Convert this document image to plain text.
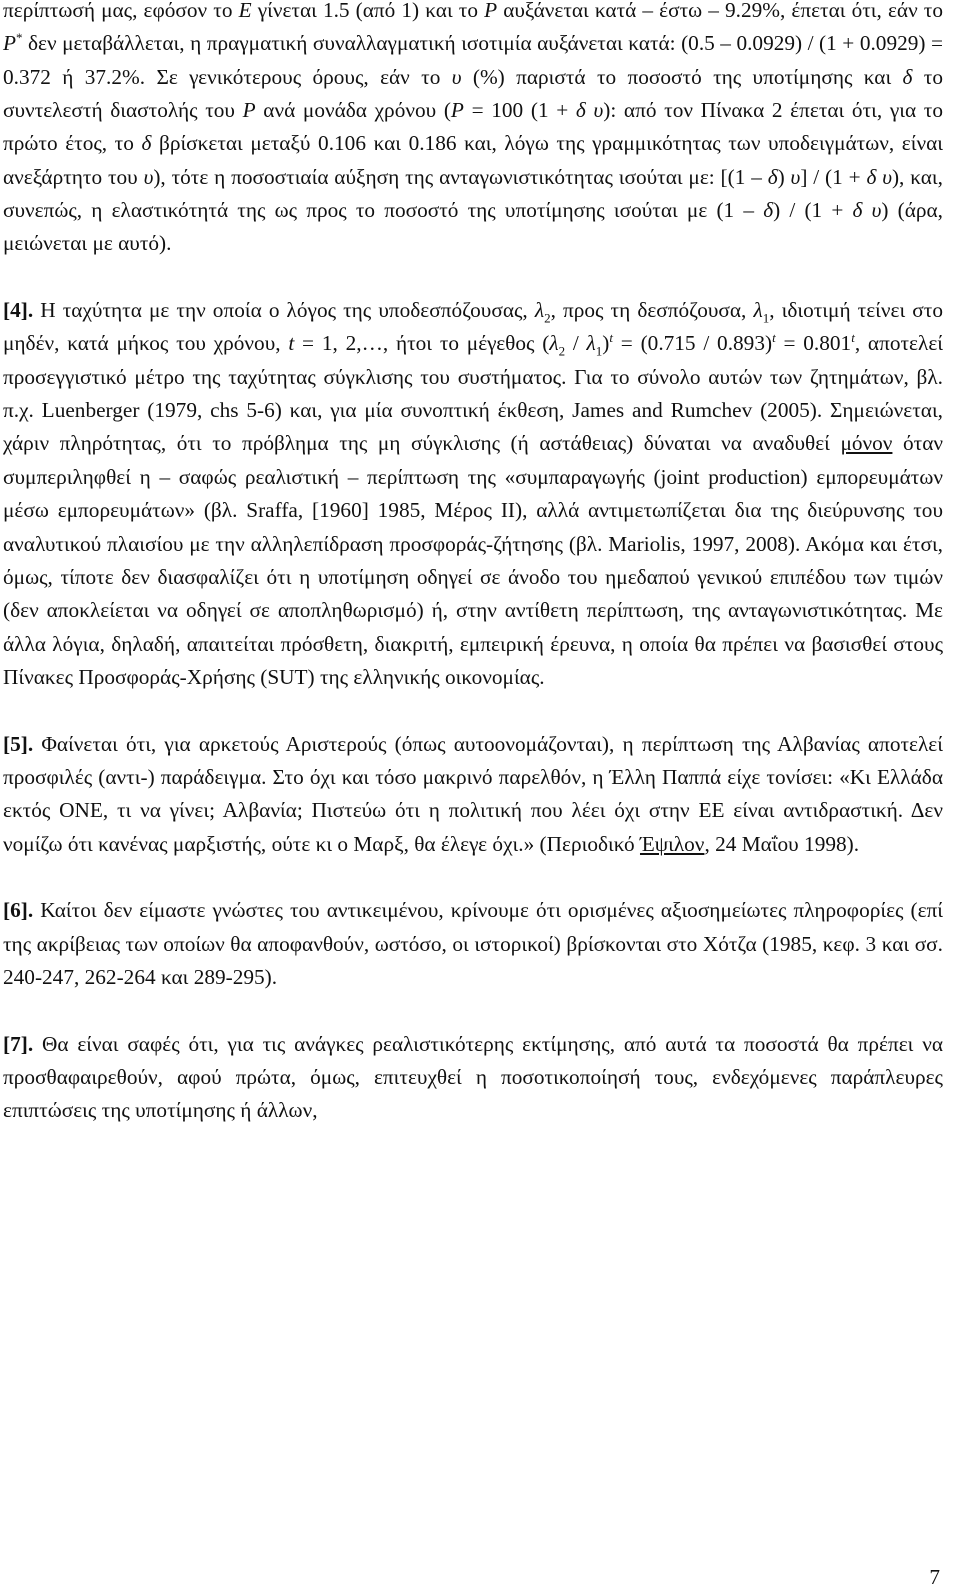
περίπτωσή μας, εφόσον το E γίνεται 1.5 (από 1) και το P αυξάνεται κατά – έστω – 9.29%, έπεται ότι, εάν το P* δεν μεταβάλλεται, η πραγματική συναλλαγματική ισοτιμία αυξάνεται κατά: (0.5 – 0.0929) / (1 + 0.0929) = 0.372 ή 37.2%. Σε γενικότερους όρους, εάν το υ (%) παριστά το ποσοστό της υποτίμησης και δ το συντελεστή διαστολής του P ανά μονάδα χρόνου (P = 100 (1 + δ υ): από τον Πίνακα 2 έπεται ότι, για το πρώτο έτος, το δ βρίσκεται μεταξύ 0.106 και 0.186 και, λόγω της γραμμικότητας των υποδειγμάτων, είναι ανεξάρτητο του υ), τότε η ποσοστιαία αύξηση της ανταγωνιστικότητας ισούται με: [(1 – δ) υ] / (1 + δ υ), και, συνεπώς, η ελαστικότητά της ως προς το ποσοστό της υποτίμησης ισούται με (1 – δ) / (1 + δ υ) (άρα, μειώνεται με αυτό).

[4]. Η ταχύτητα με την οποία ο λόγος της υποδεσπόζουσας, $\lambda_2$, προς τη δεσπόζουσα, $\lambda_1$, ιδιοτιμή τείνει στο μηδέν, κατά μήκος του χρόνου, t = 1, 2,…, ήτοι το μέγεθος $(\lambda_2 / \lambda_1)^t = (0.715 / 0.893)^t = 0.801^t$, αποτελεί προσεγγιστικό μέτρο της ταχύτητας σύγκλισης του συστήματος. Για το σύνολο αυτών των ζητημάτων, βλ. π.χ. Luenberger (1979, chs 5-6) και, για μία συνοπτική έκθεση, James and Rumchev (2005). Σημειώνεται, χάριν πληρότητας, ότι το πρόβλημα της μη σύγκλισης (ή αστάθειας) δύναται να αναδυθεί μόνον όταν συμπεριληφθεί η – σαφώς ρεαλιστική – περίπτωση της «συμπαραγωγής (joint production) εμπορευμάτων μέσω εμπορευμάτων» (βλ. Sraffa, [1960] 1985, Μέρος ΙΙ), αλλά αντιμετωπίζεται δια της διεύρυνσης του αναλυτικού πλαισίου με την αλληλεπίδραση προσφοράς-ζήτησης (βλ. Mariolis, 1997, 2008). Ακόμα και έτσι, όμως, τίποτε δεν διασφαλίζει ότι η υποτίμηση οδηγεί σε άνοδο του ημεδαπού γενικού επιπέδου των τιμών (δεν αποκλείεται να οδηγεί σε αποπληθωρισμό) ή, στην αντίθετη περίπτωση, της ανταγωνιστικότητας. Με άλλα λόγια, δηλαδή, απαιτείται πρόσθετη, διακριτή, εμπειρική έρευνα, η οποία θα πρέπει να βασισθεί στους Πίνακες Προσφοράς-Χρήσης (SUT) της ελληνικής οικονομίας.

[5]. Φαίνεται ότι, για αρκετούς Αριστερούς (όπως αυτοονομάζονται), η περίπτωση της Αλβανίας αποτελεί προσφιλές (αντι-) παράδειγμα. Στο όχι και τόσο μακρινό παρελθόν, η Έλλη Παππά είχε τονίσει: «Κι Ελλάδα εκτός ΟΝΕ, τι να γίνει; Αλβανία; Πιστεύω ότι η πολιτική που λέει όχι στην ΕΕ είναι αντιδραστική. Δεν νομίζω ότι κανένας μαρξιστής, ούτε κι ο Μαρξ, θα έλεγε όχι.» (Περιοδικό Έψιλον, 24 Μαΐου 1998).

[6]. Καίτοι δεν είμαστε γνώστες του αντικειμένου, κρίνουμε ότι ορισμένες αξιοσημείωτες πληροφορίες (επί της ακρίβειας των οποίων θα αποφανθούν, ωστόσο, οι ιστορικοί) βρίσκονται στο Χότζα (1985, κεφ. 3 και σσ. 240-247, 262-264 και 289-295).

[7]. Θα είναι σαφές ότι, για τις ανάγκες ρεαλιστικότερης εκτίμησης, από αυτά τα ποσοστά θα πρέπει να προσθαφαιρεθούν, αφού πρώτα, όμως, επιτευχθεί η ποσοτικοποίησή τους, ενδεχόμενες παράπλευρες επιπτώσεις της υποτίμησης ή άλλων,

7
